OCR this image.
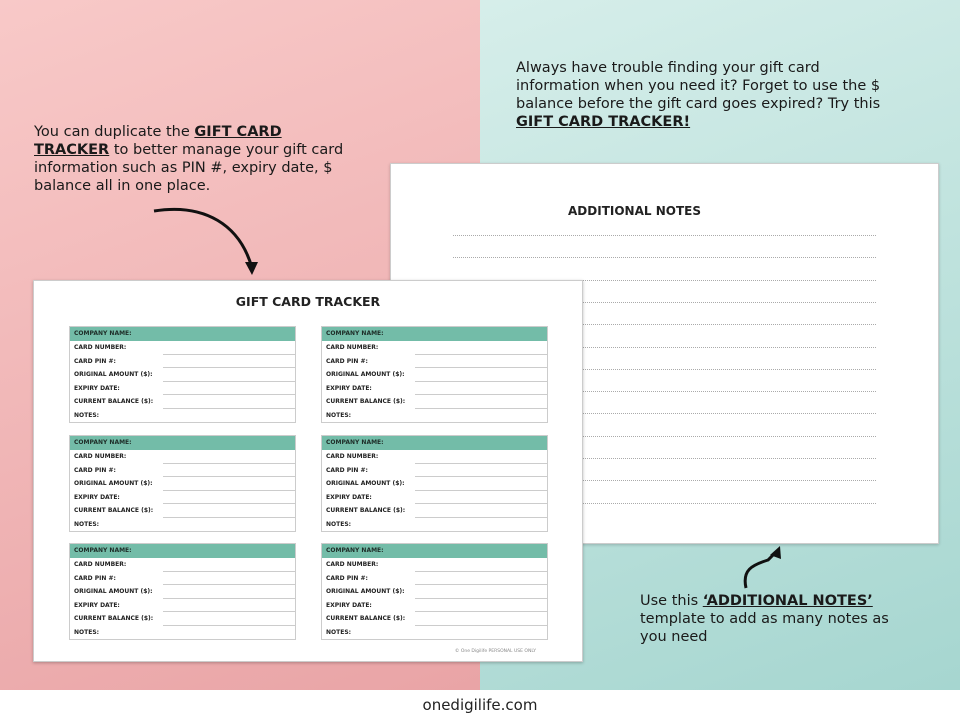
You can duplicate the GIFT CARD TRACKER to better manage your gift card information such as PIN #, expiry date, $ balance all in one place.
Always have trouble finding your gift card information when you need it? Forget to use the $ balance before the gift card goes expired? Try this GIFT CARD TRACKER!
ADDITIONAL NOTES
GIFT CARD TRACKER
COMPANY NAME:
CARD NUMBER:
CARD PIN #:
ORIGINAL AMOUNT ($):
EXPIRY DATE:
CURRENT BALANCE ($):
NOTES:
COMPANY NAME:
CARD NUMBER:
CARD PIN #:
ORIGINAL AMOUNT ($):
EXPIRY DATE:
CURRENT BALANCE ($):
NOTES:
COMPANY NAME:
CARD NUMBER:
CARD PIN #:
ORIGINAL AMOUNT ($):
EXPIRY DATE:
CURRENT BALANCE ($):
NOTES:
COMPANY NAME:
CARD NUMBER:
CARD PIN #:
ORIGINAL AMOUNT ($):
EXPIRY DATE:
CURRENT BALANCE ($):
NOTES:
COMPANY NAME:
CARD NUMBER:
CARD PIN #:
ORIGINAL AMOUNT ($):
EXPIRY DATE:
CURRENT BALANCE ($):
NOTES:
COMPANY NAME:
CARD NUMBER:
CARD PIN #:
ORIGINAL AMOUNT ($):
EXPIRY DATE:
CURRENT BALANCE ($):
NOTES:
© One Digilife PERSONAL USE ONLY
Use this ‘ADDITIONAL NOTES’ template to add as many notes as you need
onedigilife.com
